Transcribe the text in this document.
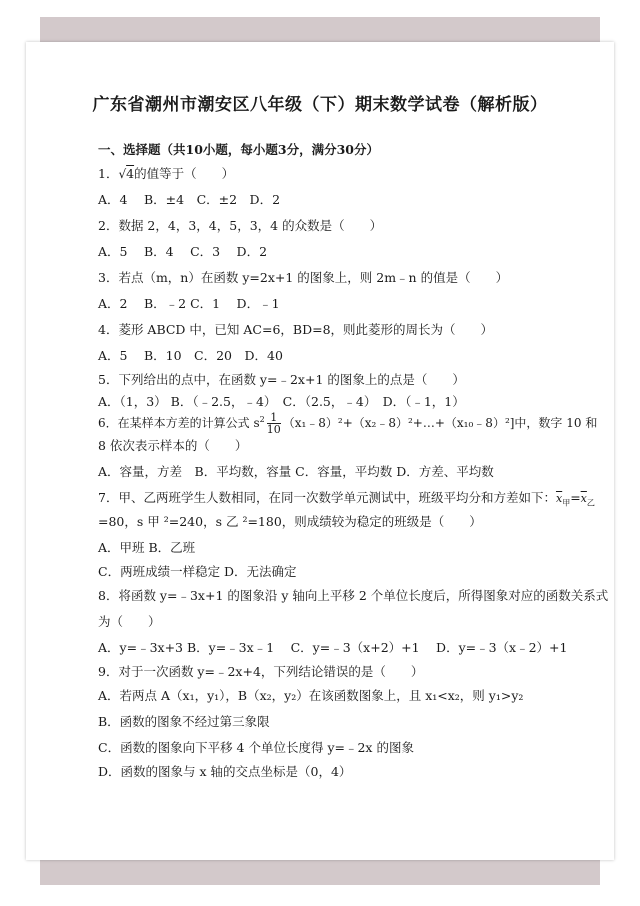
广东省潮州市潮安区八年级（下）期末数学试卷（解析版）
一、选择题（共10小题，每小题3分，满分30分）
1．√4的值等于（　　）
A．4　 B．±4　C．±2　D．2
2．数据 2，4，3，4，5，3，4 的众数是（　　）
A．5　 B．4　 C．3　 D．2
3．若点（m，n）在函数 y=2x+1 的图象上，则 2m﹣n 的值是（　　）
A．2　 B．﹣2 C．1　 D．﹣1
4．菱形 ABCD 中，已知 AC=6，BD=8，则此菱形的周长为（　　）
A．5　 B．10　C．20　D．40
5．下列给出的点中，在函数 y=﹣2x+1 的图象上的点是（　　）
A．（1，3） B．（﹣2.5，﹣4）　C．（2.5，﹣4）　D．（﹣1，1）
6．在某样本方差的计算公式 $s^2 \frac{1}{10}$ （x₁﹣8）²+（x₂﹣8）²+…+（x₁₀﹣8）²]中，数字 10 和
8 依次表示样本的（　　）
A．容量，方差　B．平均数，容量 C．容量，平均数 D．方差、平均数
7．甲、乙两班学生人数相同，在同一次数学单元测试中，班级平均分和方差如下：$\overline{x}_甲=\overline{x}_乙$
=80，s 甲 ²=240，s 乙 ²=180，则成绩较为稳定的班级是（　　）
A．甲班 B．乙班
C．两班成绩一样稳定 D．无法确定
8．将函数 y=﹣3x+1 的图象沿 y 轴向上平移 2 个单位长度后，所得图象对应的函数关系式
为（　　）
A．y=﹣3x+3 B．y=﹣3x﹣1　 C．y=﹣3（x+2）+1　 D．y=﹣3（x﹣2）+1
9．对于一次函数 y=﹣2x+4，下列结论错误的是（　　）
A．若两点 A（x₁，y₁），B（x₂，y₂）在该函数图象上，且 x₁<x₂，则 y₁>y₂
B．函数的图象不经过第三象限
C．函数的图象向下平移 4 个单位长度得 y=﹣2x 的图象
D．函数的图象与 x 轴的交点坐标是（0，4）
